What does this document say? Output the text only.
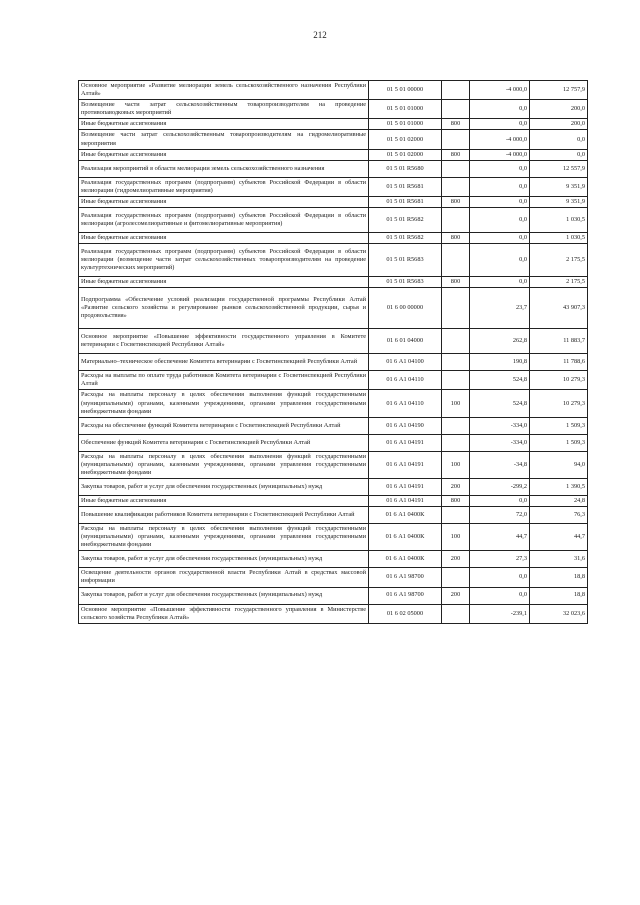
212
Основное мероприятие «Развитие мелиорации земель сельскохозяйственного назначения Республики Алтай»	01 5 01 00000		-4 000,0	12 757,9
Возмещение части затрат сельскохозяйственным товаропроизводителям на проведение противопаводковых мероприятий	01 5 01 01000		0,0	200,0
Иные бюджетные ассигнования	01 5 01 01000	800	0,0	200,0
Возмещение части затрат сельскохозяйственным товаропроизводителям на гидромелиоративные мероприятия	01 5 01 02000		-4 000,0	0,0
Иные бюджетные ассигнования	01 5 01 02000	800	-4 000,0	0,0
Реализация мероприятий в области мелиорации земель сельскохозяйственного назначения	01 5 01 R5680		0,0	12 557,9
Реализация государственных программ (подпрограмм) субъектов Российской Федерации в области мелиорации (гидромелиоративные мероприятия)	01 5 01 R5681		0,0	9 351,9
Иные бюджетные ассигнования	01 5 01 R5681	800	0,0	9 351,9
Реализация государственных программ (подпрограмм) субъектов Российской Федерации в области мелиорации (агролесомелиоративные и фитомелиоративные мероприятия)	01 5 01 R5682		0,0	1 030,5
Иные бюджетные ассигнования	01 5 01 R5682	800	0,0	1 030,5
Реализация государственных программ (подпрограмм) субъектов Российской Федерации в области мелиорации (возмещение части затрат сельскохозяйственных товаропроизводителям на проведение культуртехнических мероприятий)	01 5 01 R5683		0,0	2 175,5
Иные бюджетные ассигнования	01 5 01 R5683	800	0,0	2 175,5
Подпрограмма «Обеспечение условий реализации государственной программы Республики Алтай «Развитие сельского хозяйства и регулирование рынков сельскохозяйственной продукции, сырья и продовольствия»	01 6 00 00000		23,7	43 907,3
Основное мероприятие «Повышение эффективности государственного управления в Комитете ветеринарии с Госветинспекцией Республики Алтай»	01 6 01 04000		262,8	11 883,7
Материально–техническое обеспечение Комитета ветеринарии с Госветинспекцией Республики Алтай	01 6 А1 04100		190,8	11 788,6
Расходы на выплаты по оплате труда работников Комитета ветеринарии с Госветинспекцией Республики Алтай	01 6 А1 04110		524,8	10 279,3
Расходы на выплаты персоналу в целях обеспечения выполнения функций государственными (муниципальными) органами, казенными учреждениями, органами управления государственными внебюджетными фондами	01 6 А1 04110	100	524,8	10 279,3
Расходы на обеспечение функций Комитета ветеринарии с Госветинспекцией Республики Алтай	01 6 А1 04190		-334,0	1 509,3
Обеспечение функций Комитета ветеринарии с Госветинспекцией Республики Алтай	01 6 А1 04191		-334,0	1 509,3
Расходы на выплаты персоналу в целях обеспечения выполнения функций государственными (муниципальными) органами, казенными учреждениями, органами управления государственными внебюджетными фондами	01 6 А1 04191	100	-34,8	94,0
Закупка товаров, работ и услуг для обеспечения государственных (муниципальных) нужд	01 6 А1 04191	200	-299,2	1 390,5
Иные бюджетные ассигнования	01 6 А1 04191	800	0,0	24,8
Повышение квалификации работников Комитета ветеринарии с Госветинспекцией Республики Алтай	01 6 А1 0400К		72,0	76,3
Расходы на выплаты персоналу в целях обеспечения выполнения функций государственными (муниципальными) органами, казенными учреждениями, органами управления государственными внебюджетными фондами	01 6 А1 0400К	100	44,7	44,7
Закупка товаров, работ и услуг для обеспечения государственных (муниципальных) нужд	01 6 А1 0400К	200	27,3	31,6
Освещение деятельности органов государственной власти Республики Алтай в средствах массовой информации	01 6 А1 98700		0,0	18,8
Закупка товаров, работ и услуг для обеспечения государственных (муниципальных) нужд	01 6 А1 98700	200	0,0	18,8
Основное мероприятие «Повышение эффективности государственного управления в Министерстве сельского хозяйства Республики Алтай»	01 6 02 05000		-239,1	32 023,6
